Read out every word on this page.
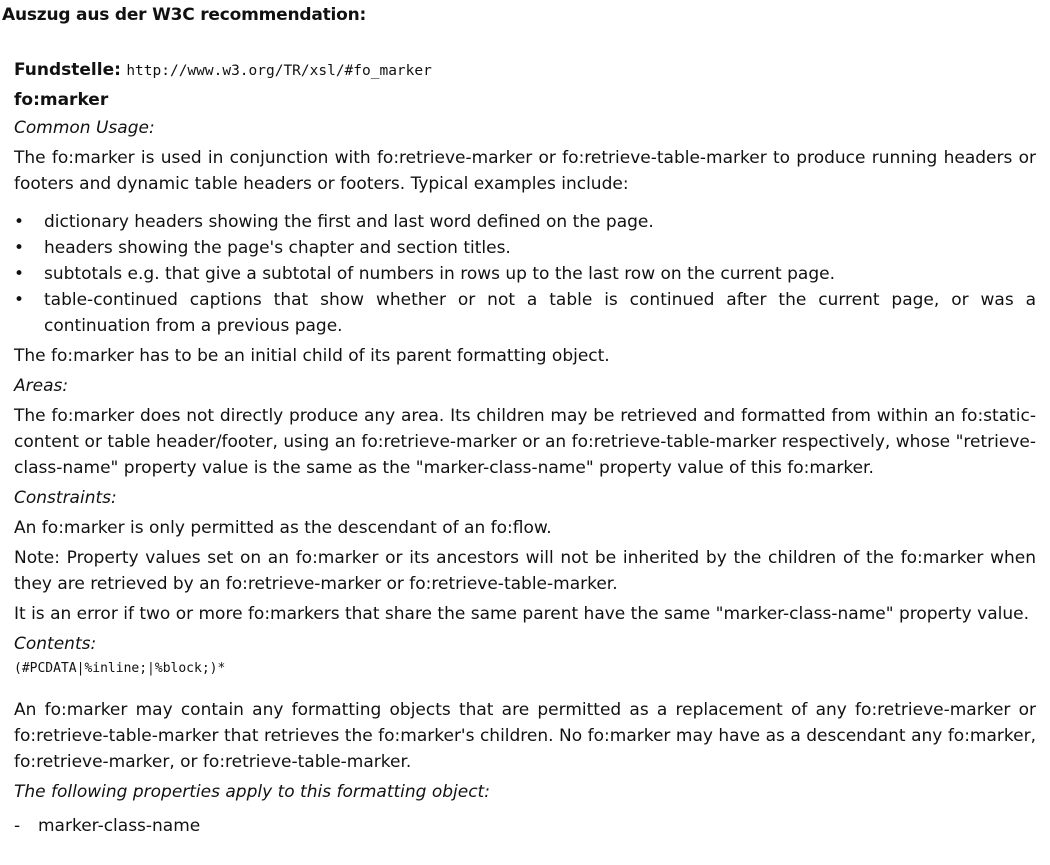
Auszug aus der W3C recommendation:
Fundstelle: http://www.w3.org/TR/xsl/#fo_marker
fo:marker
Common Usage:
The fo:marker is used in conjunction with fo:retrieve-marker or fo:retrieve-table-marker to produce running headers or footers and dynamic table headers or footers. Typical examples include:
• dictionary headers showing the first and last word defined on the page.
• headers showing the page's chapter and section titles.
• subtotals e.g. that give a subtotal of numbers in rows up to the last row on the current page.
• table-continued captions that show whether or not a table is continued after the current page, or was a continuation from a previous page.
The fo:marker has to be an initial child of its parent formatting object.
Areas:
The fo:marker does not directly produce any area. Its children may be retrieved and formatted from within an fo:static-content or table header/footer, using an fo:retrieve-marker or an fo:retrieve-table-marker respectively, whose "retrieve-class-name" property value is the same as the "marker-class-name" property value of this fo:marker.
Constraints:
An fo:marker is only permitted as the descendant of an fo:flow.
Note: Property values set on an fo:marker or its ancestors will not be inherited by the children of the fo:marker when they are retrieved by an fo:retrieve-marker or fo:retrieve-table-marker.
It is an error if two or more fo:markers that share the same parent have the same "marker-class-name" property value.
Contents:
(#PCDATA|%inline;|%block;)*
An fo:marker may contain any formatting objects that are permitted as a replacement of any fo:retrieve-marker or fo:retrieve-table-marker that retrieves the fo:marker's children. No fo:marker may have as a descendant any fo:marker, fo:retrieve-marker, or fo:retrieve-table-marker.
The following properties apply to this formatting object:
- marker-class-name
